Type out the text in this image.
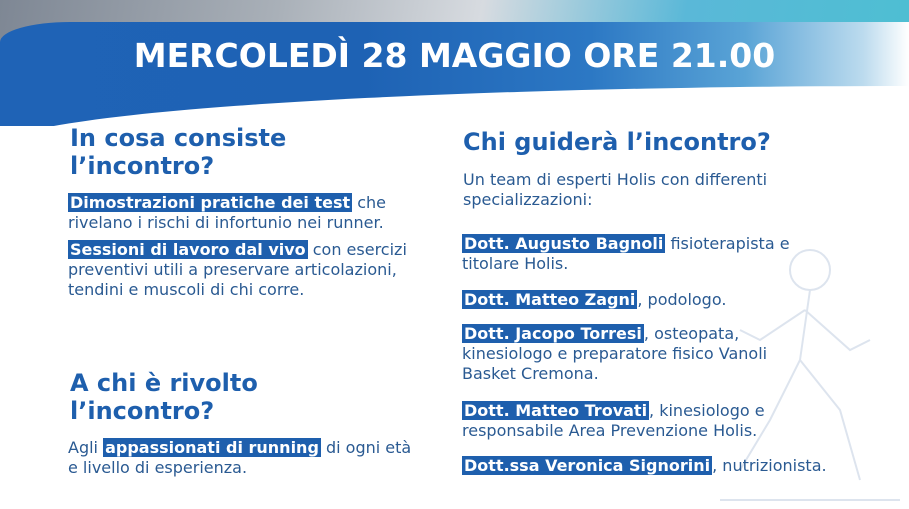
MERCOLEDÌ 28 MAGGIO ORE 21.00
In cosa consiste
l’incontro?
Dimostrazioni pratiche dei test che rivelano i rischi di infortunio nei runner.
Sessioni di lavoro dal vivo con esercizi preventivi utili a preservare articolazioni, tendini e muscoli di chi corre.
A chi è rivolto
l’incontro?
Agli appassionati di running di ogni età e livello di esperienza.
Chi guiderà l’incontro?
Un team di esperti Holis con differenti specializzazioni:
Dott. Augusto Bagnoli fisioterapista e titolare Holis.
Dott. Matteo Zagni , podologo.
Dott. Jacopo Torresi , osteopata, kinesiologo e preparatore fisico Vanoli Basket Cremona.
Dott. Matteo Trovati , kinesiologo e responsabile Area Prevenzione Holis.
Dott.ssa Veronica Signorini , nutrizionista.
